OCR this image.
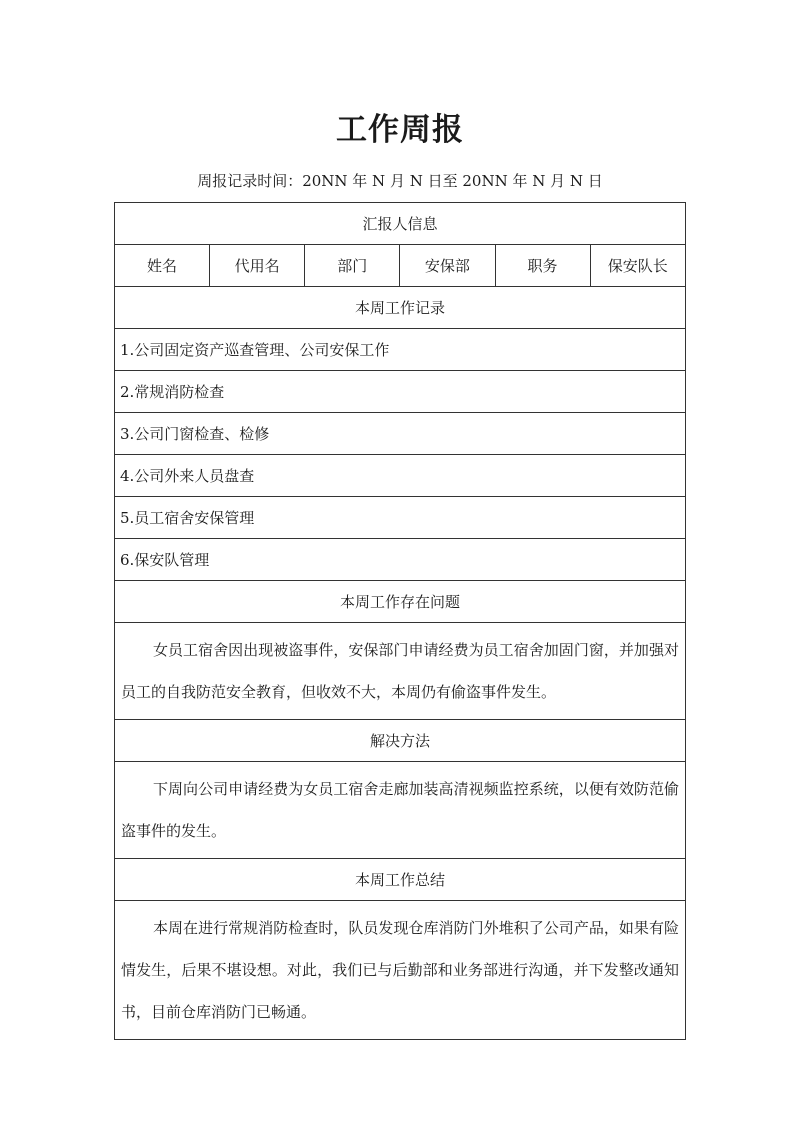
工作周报
周报记录时间：20NN 年 N 月 N 日至 20NN 年 N 月 N 日
汇报人信息
姓名	代用名	部门	安保部	职务	保安队长
本周工作记录
1.公司固定资产巡查管理、公司安保工作
2.常规消防检查
3.公司门窗检查、检修
4.公司外来人员盘查
5.员工宿舍安保管理
6.保安队管理
本周工作存在问题
女员工宿舍因出现被盗事件，安保部门申请经费为员工宿舍加固门窗，并加强对员工的自我防范安全教育，但收效不大，本周仍有偷盗事件发生。
解决方法
下周向公司申请经费为女员工宿舍走廊加装高清视频监控系统，以便有效防范偷盗事件的发生。
本周工作总结
本周在进行常规消防检查时，队员发现仓库消防门外堆积了公司产品，如果有险情发生，后果不堪设想。对此，我们已与后勤部和业务部进行沟通，并下发整改通知书，目前仓库消防门已畅通。
